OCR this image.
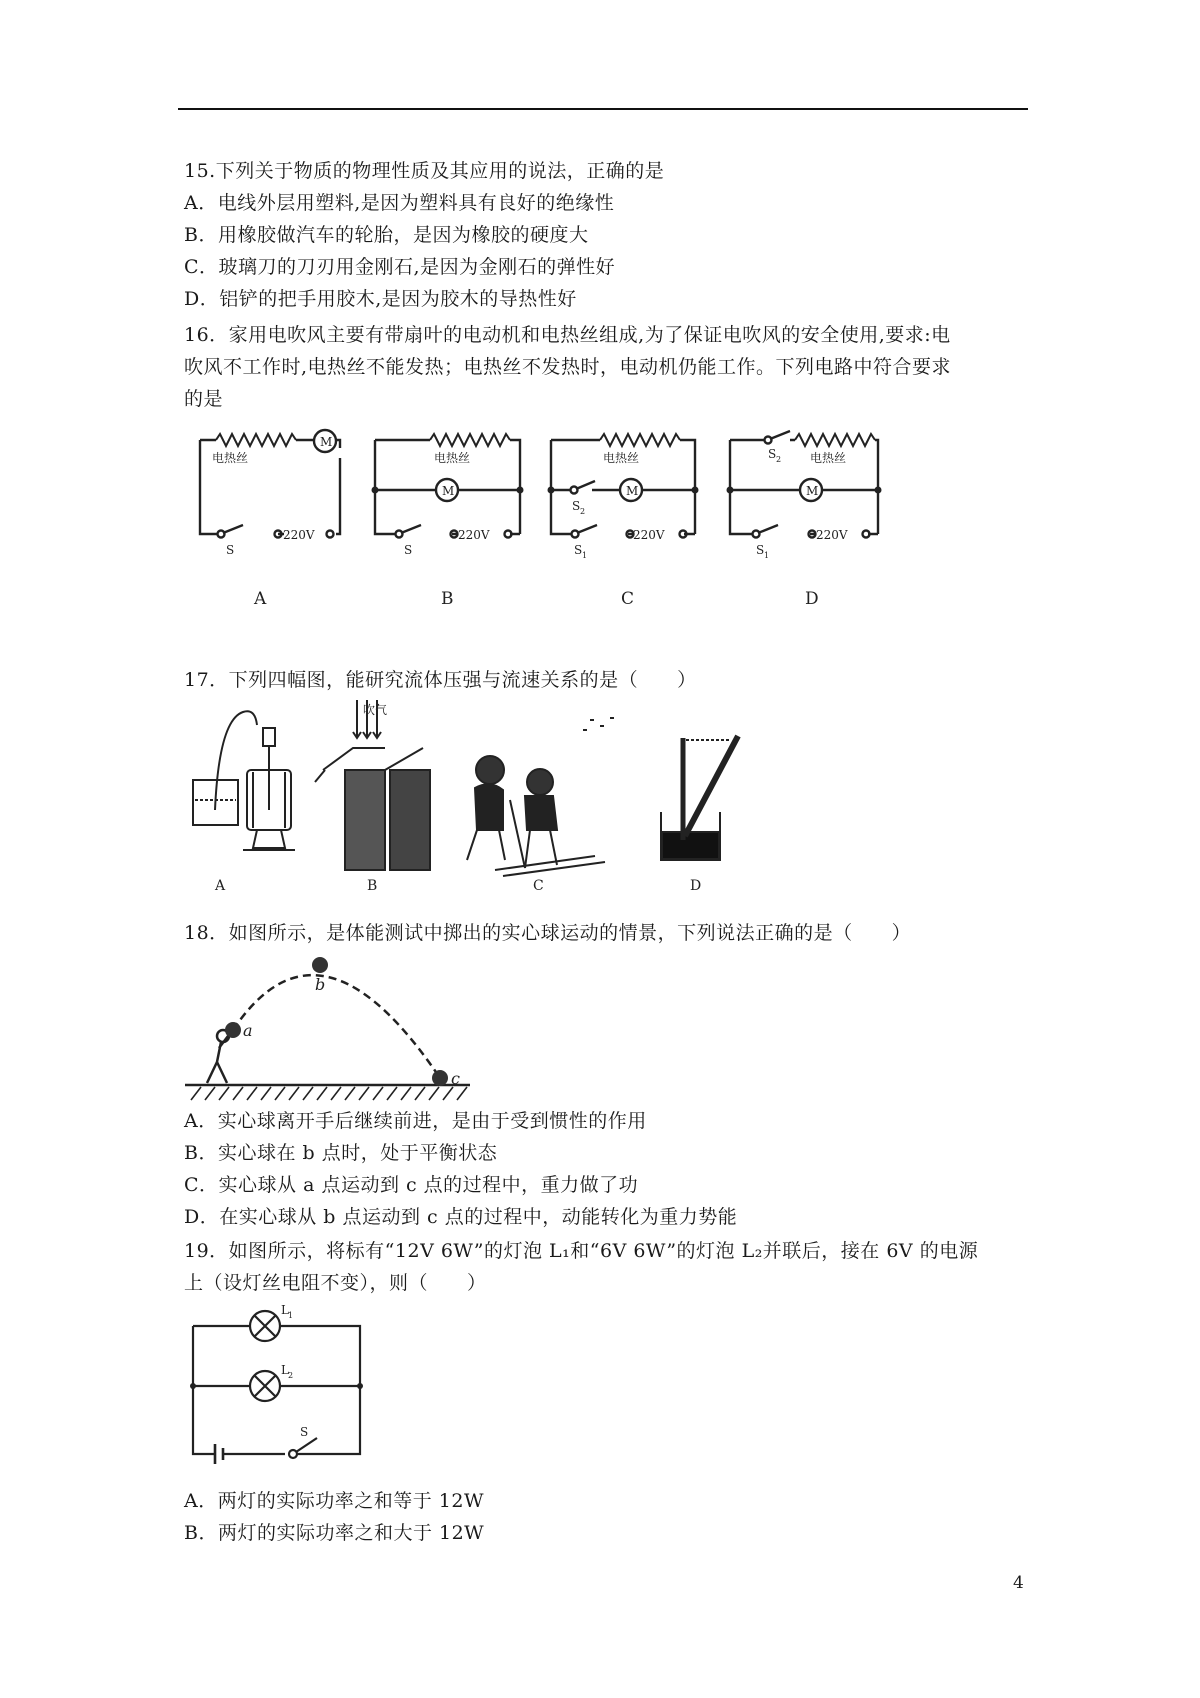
15.下列关于物质的物理性质及其应用的说法，正确的是
A．电线外层用塑料,是因为塑料具有良好的绝缘性
B．用橡胶做汽车的轮胎，是因为橡胶的硬度大
C．玻璃刀的刀刃用金刚石,是因为金刚石的弹性好
D．铝铲的把手用胶木,是因为胶木的导热性好
16．家用电吹风主要有带扇叶的电动机和电热丝组成,为了保证电吹风的安全使用,要求:电
吹风不工作时,电热丝不能发热；电热丝不发热时，电动机仍能工作。下列电路中符合要求
的是
电热丝
M
220V
S
电热丝
M
220V
S
电热丝
M
220V
S 2
S 1
S 2 电热丝
M
220V
S 1
A	B	C	D
17．下列四幅图，能研究流体压强与流速关系的是（　　）
吹气
A	B	C	D
18．如图所示，是体能测试中掷出的实心球运动的情景，下列说法正确的是（　　）
a
b
c
A．实心球离开手后继续前进，是由于受到惯性的作用
B．实心球在 b 点时，处于平衡状态
C．实心球从 a 点运动到 c 点的过程中，重力做了功
D．在实心球从 b 点运动到 c 点的过程中，动能转化为重力势能
19．如图所示，将标有“12V 6W”的灯泡 L₁和“6V 6W”的灯泡 L₂并联后，接在 6V 的电源
上（设灯丝电阻不变），则（　　）
L 1
L 2
S
A．两灯的实际功率之和等于 12W
B．两灯的实际功率之和大于 12W
4
